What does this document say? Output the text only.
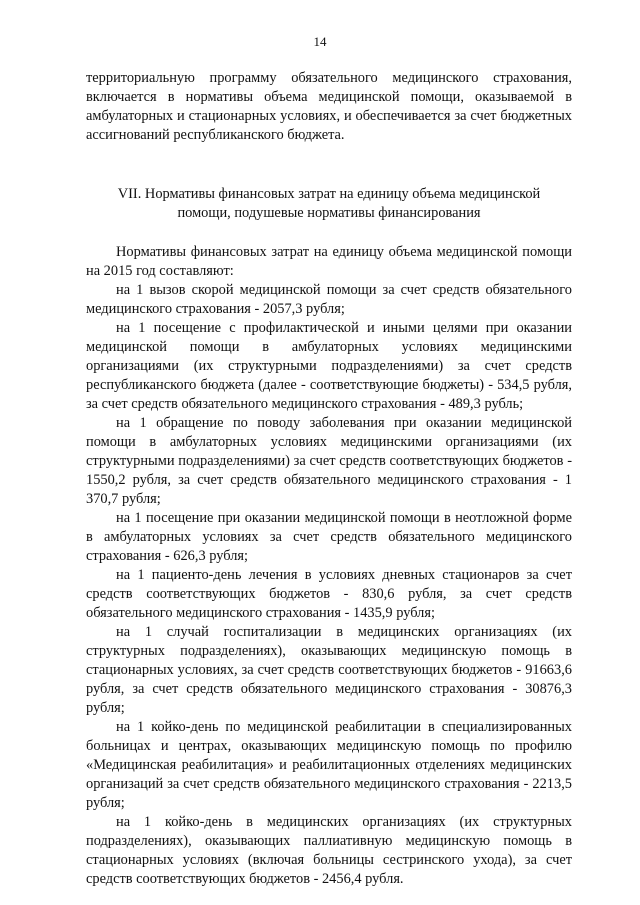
14

территориальную программу обязательного медицинского страхования, включается в нормативы объема медицинской помощи, оказываемой в амбулаторных и стационарных условиях, и обеспечивается за счет бюджетных ассигнований республиканского бюджета.

VII. Нормативы финансовых затрат на единицу объема медицинской помощи, подушевые нормативы финансирования

Нормативы финансовых затрат на единицу объема медицинской помощи на 2015 год составляют:

на 1 вызов скорой медицинской помощи за счет средств обязательного медицинского страхования - 2057,3 рубля;

на 1 посещение с профилактической и иными целями при оказании медицинской помощи в амбулаторных условиях медицинскими организациями (их структурными подразделениями) за счет средств республиканского бюджета (далее - соответствующие бюджеты) - 534,5 рубля, за счет средств обязательного медицинского страхования - 489,3 рубль;

на 1 обращение по поводу заболевания при оказании медицинской помощи в амбулаторных условиях медицинскими организациями (их структурными подразделениями) за счет средств соответствующих бюджетов - 1550,2 рубля, за счет средств обязательного медицинского страхования - 1 370,7 рубля;

на 1 посещение при оказании медицинской помощи в неотложной форме в амбулаторных условиях за счет средств обязательного медицинского страхования - 626,3 рубля;

на 1 пациенто-день лечения в условиях дневных стационаров за счет средств соответствующих бюджетов - 830,6 рубля, за счет средств обязательного медицинского страхования - 1435,9 рубля;

на 1 случай госпитализации в медицинских организациях (их структурных подразделениях), оказывающих медицинскую помощь в стационарных условиях, за счет средств соответствующих бюджетов - 91663,6 рубля, за счет средств обязательного медицинского страхования - 30876,3 рубля;

на 1 койко-день по медицинской реабилитации в специализированных больницах и центрах, оказывающих медицинскую помощь по профилю «Медицинская реабилитация» и реабилитационных отделениях медицинских организаций за счет средств обязательного медицинского страхования - 2213,5 рубля;

на 1 койко-день в медицинских организациях (их структурных подразделениях), оказывающих паллиативную медицинскую помощь в стационарных условиях (включая больницы сестринского ухода), за счет средств соответствующих бюджетов - 2456,4 рубля.
